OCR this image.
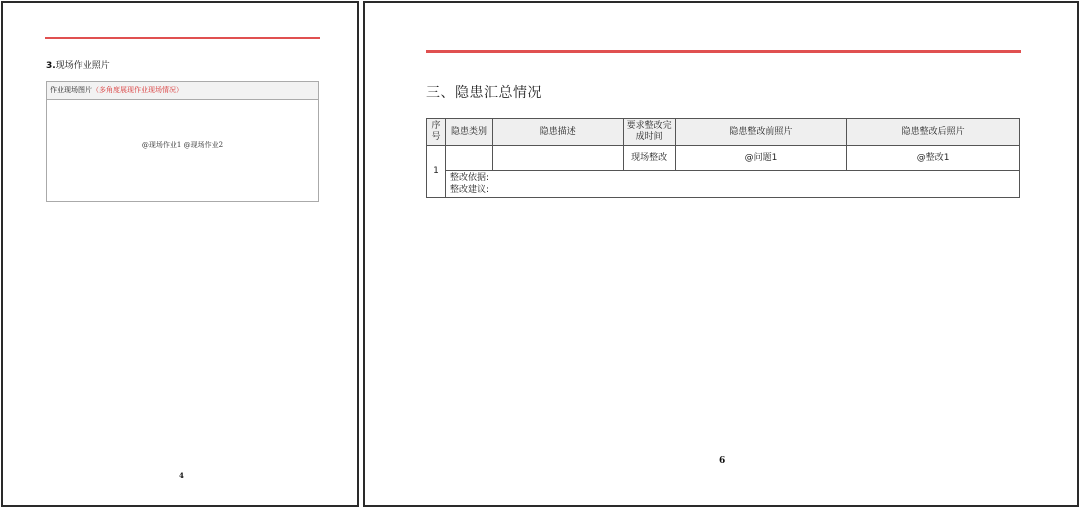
3.现场作业照片
作业现场图片（多角度展现作业现场情况）
@现场作业1 @现场作业2
4
三、隐患汇总情况
序号	隐患类别	隐患描述	要求整改完成时间	隐患整改前照片	隐患整改后照片
1			现场整改	@问题1	@整改1

	整改依据:
整改建议:				
6
